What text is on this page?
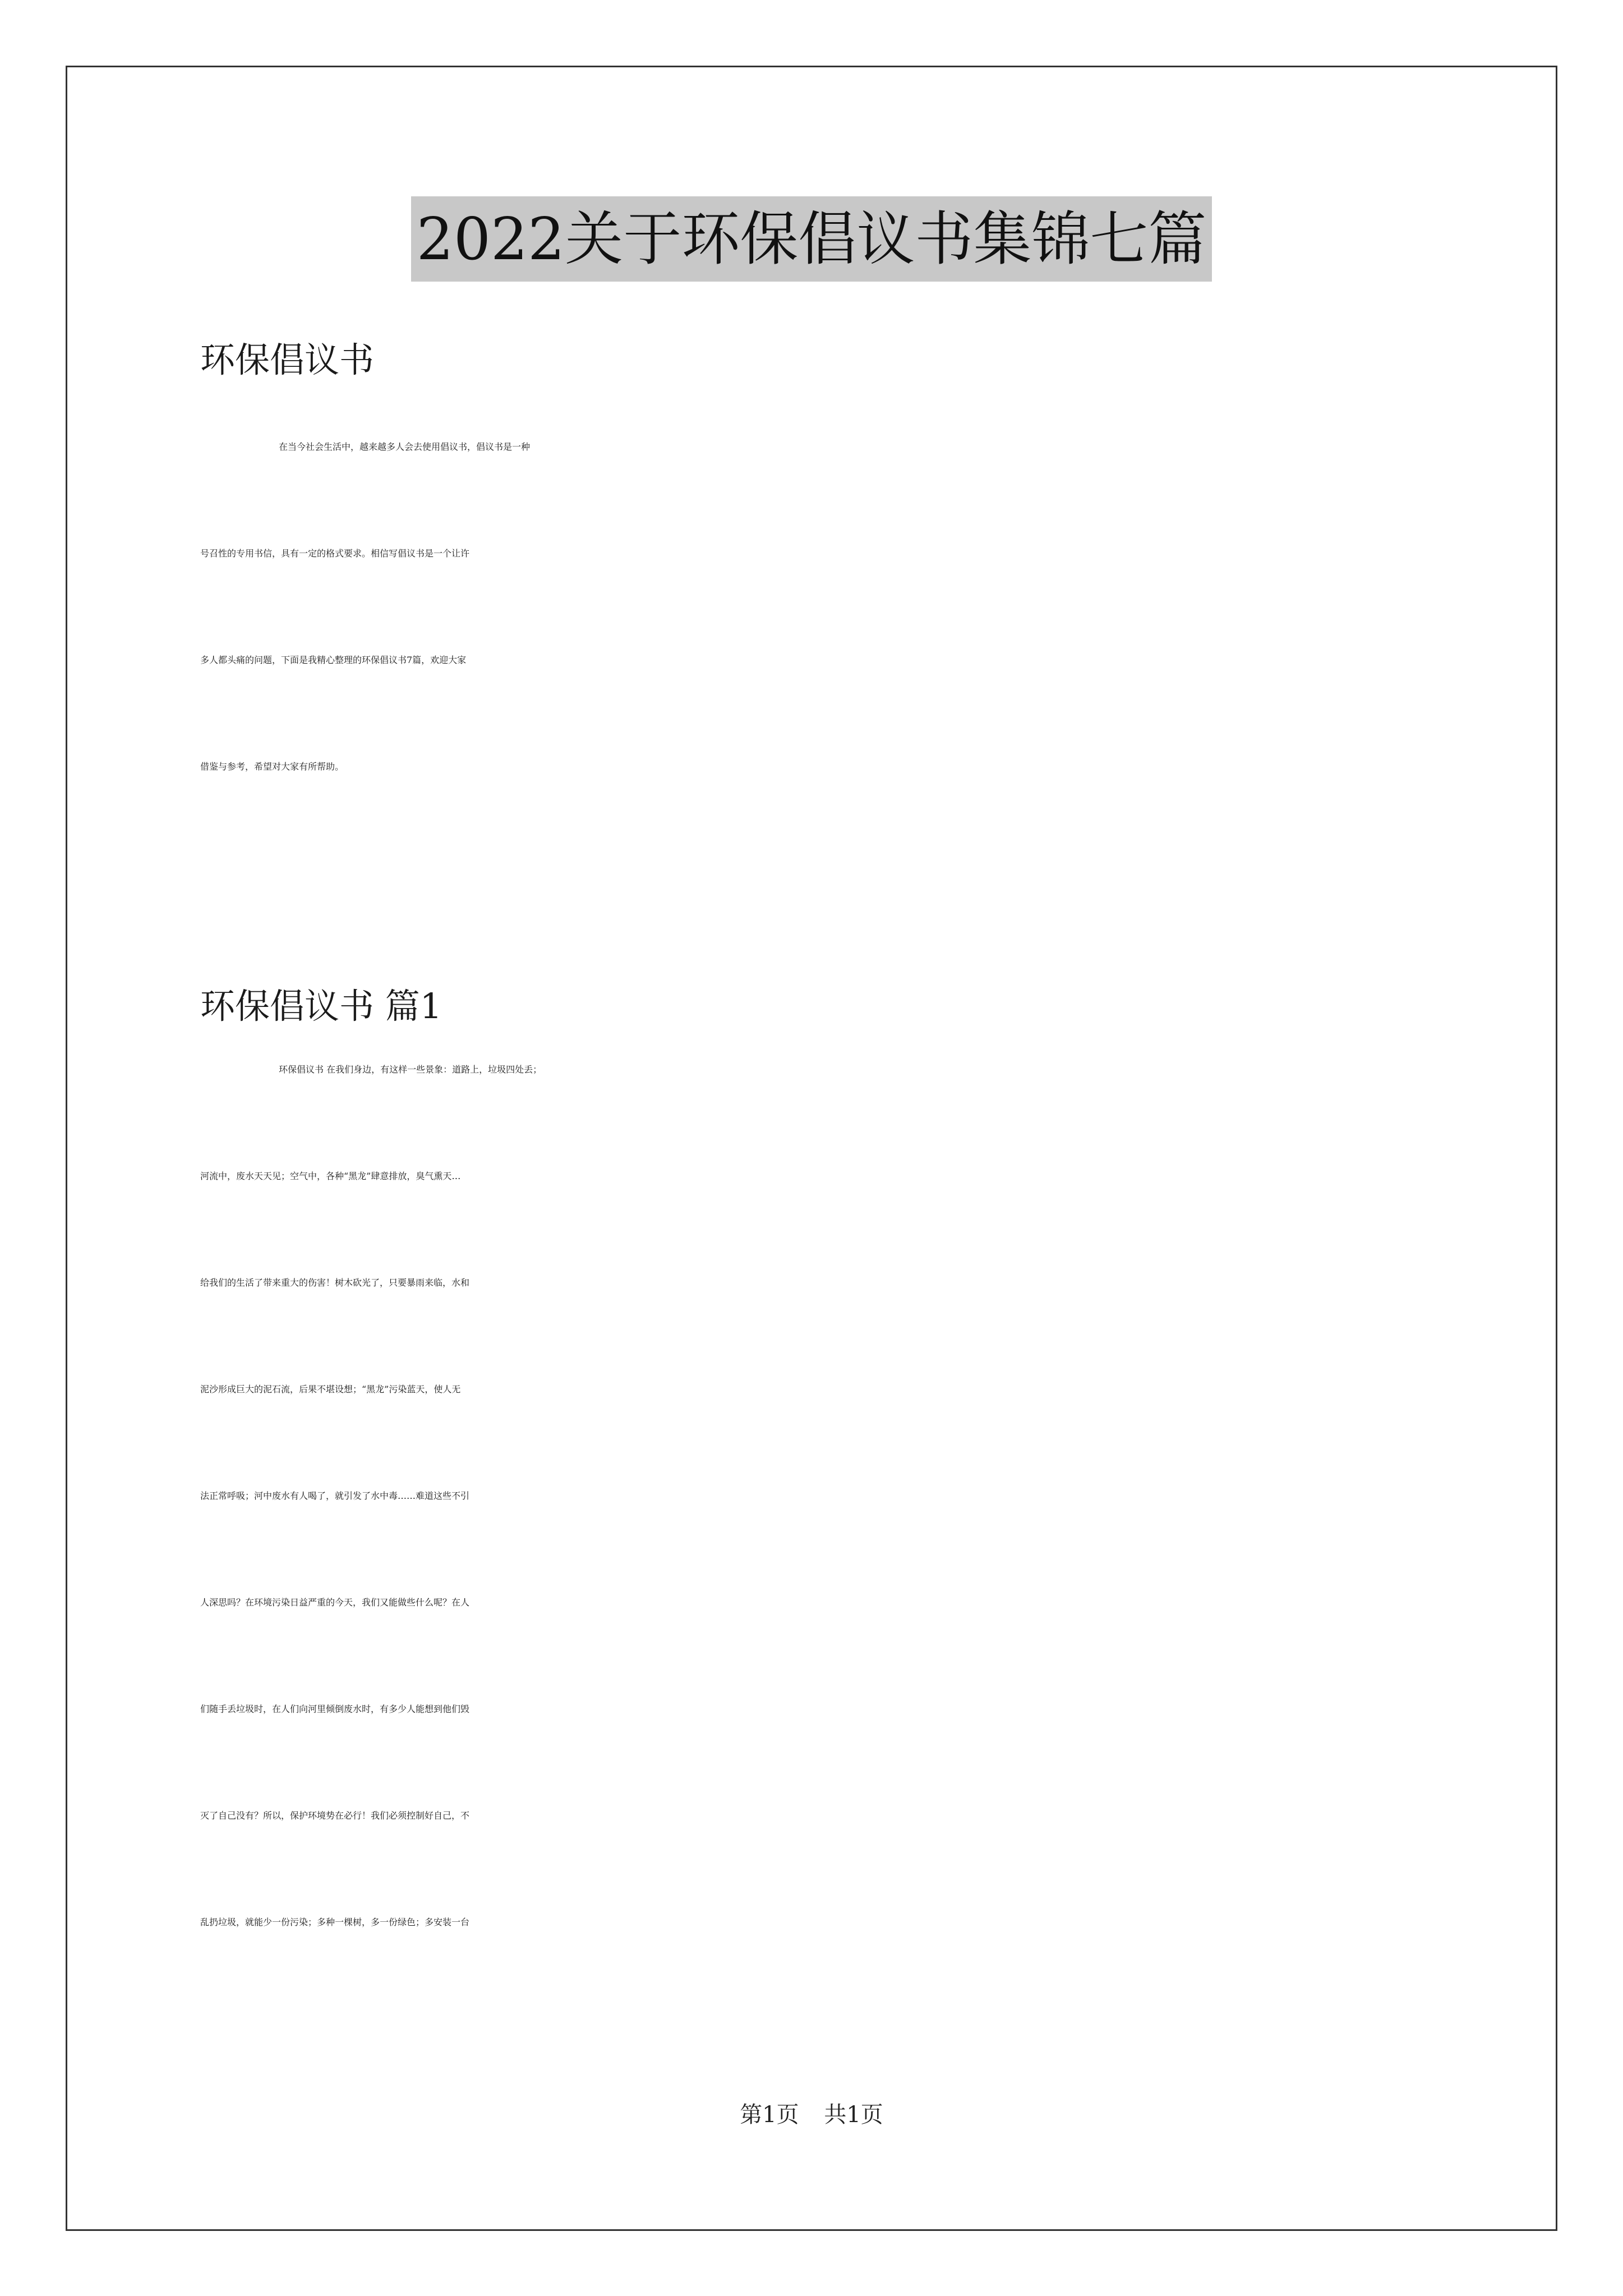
2022关于环保倡议书集锦七篇

环保倡议书

在当今社会生活中，越来越多人会去使用倡议书，倡议书是一种
号召性的专用书信，具有一定的格式要求。相信写倡议书是一个让许
多人都头痛的问题，下面是我精心整理的环保倡议书7篇，欢迎大家
借鉴与参考，希望对大家有所帮助。

环保倡议书 篇1

环保倡议书 在我们身边，有这样一些景象：道路上，垃圾四处丢；
河流中，废水天天见；空气中，各种“黑龙”肆意排放，臭气熏天…
给我们的生活了带来重大的伤害！树木砍光了，只要暴雨来临，水和
泥沙形成巨大的泥石流，后果不堪设想；“黑龙”污染蓝天，使人无
法正常呼吸；河中废水有人喝了，就引发了水中毒……难道这些不引
人深思吗？在环境污染日益严重的今天，我们又能做些什么呢？在人
们随手丢垃圾时，在人们向河里倾倒废水时，有多少人能想到他们毁
灭了自己没有？所以，保护环境势在必行！我们必须控制好自己，不
乱扔垃圾，就能少一份污染；多种一棵树，多一份绿色；多安装一台
第1页 共1页
